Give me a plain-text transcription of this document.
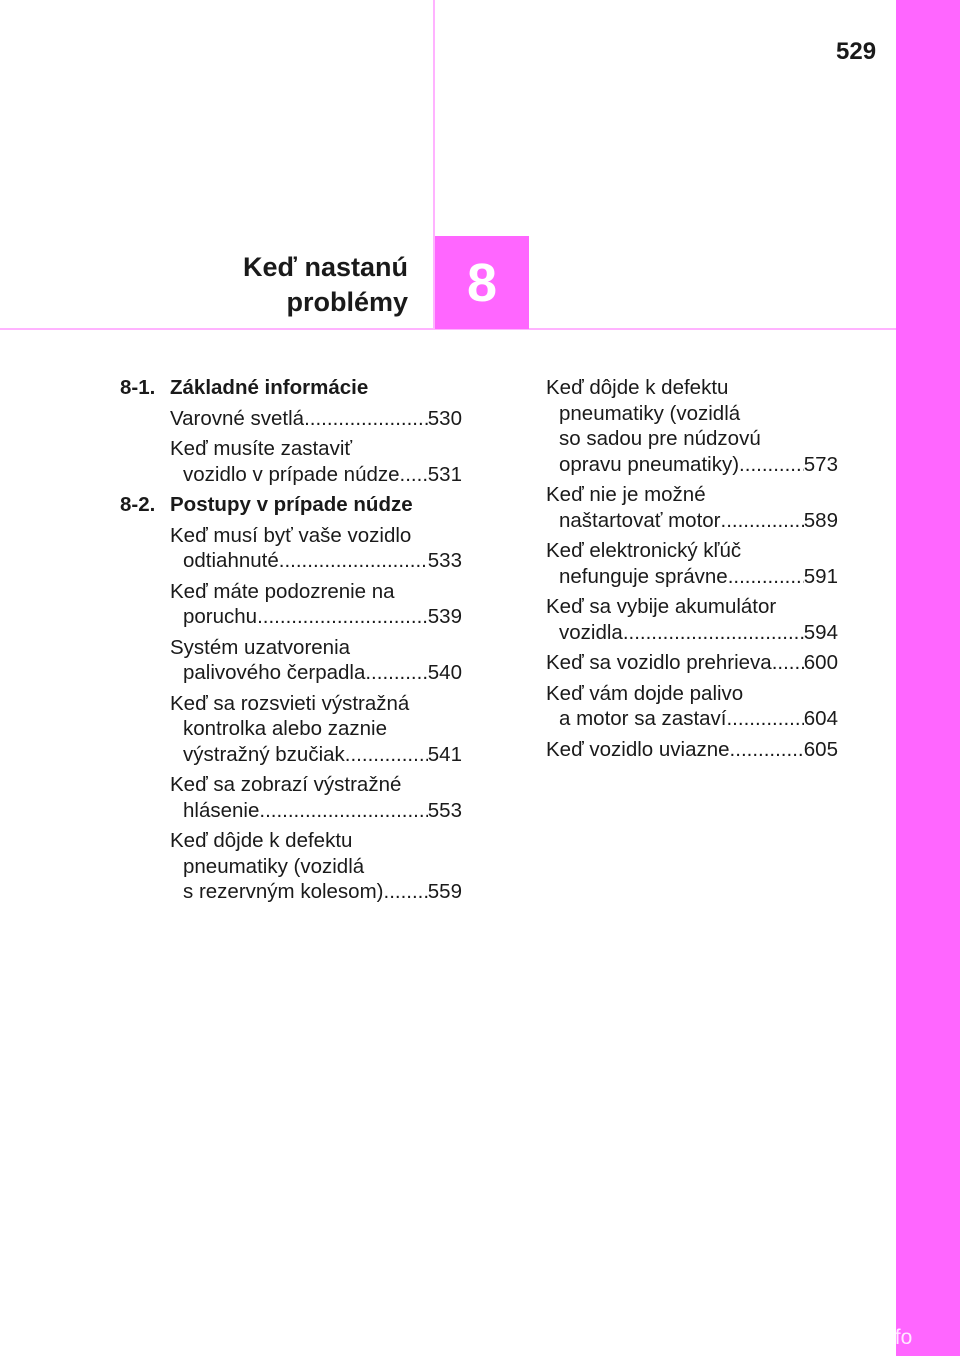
529
Keď nastanú
problémy	8
8-1. Základné informácie
Varovné svetlá .....	530
Keď musíte zastaviť
vozidlo v prípade núdze ..... 531
8-2. Postupy v prípade núdze
Keď musí byť vaše vozidlo
odtiahnuté .....	533
Keď máte podozrenie na
poruchu .....	539
Systém uzatvorenia
palivového čerpadla .....	540
Keď sa rozsvieti výstražná
kontrolka alebo zaznie
výstražný bzučiak .....	541
Keď sa zobrazí výstražné
hlásenie .....	553
Keď dôjde k defektu
pneumatiky (vozidlá
s rezervným kolesom) ..... 559
Keď dôjde k defektu
pneumatiky (vozidlá
so sadou pre núdzovú
opravu pneumatiky) .....	573
Keď nie je možné
naštartovať motor .....	589
Keď elektronický kľúč
nefunguje správne .....	591
Keď sa vybije akumulátor
vozidla .....	594
Keď sa vozidlo prehrieva ..... 600
Keď vám dojde palivo
a motor sa zastaví .....	604
Keď vozidlo uviazne .....	605
carmanualsonline.info
